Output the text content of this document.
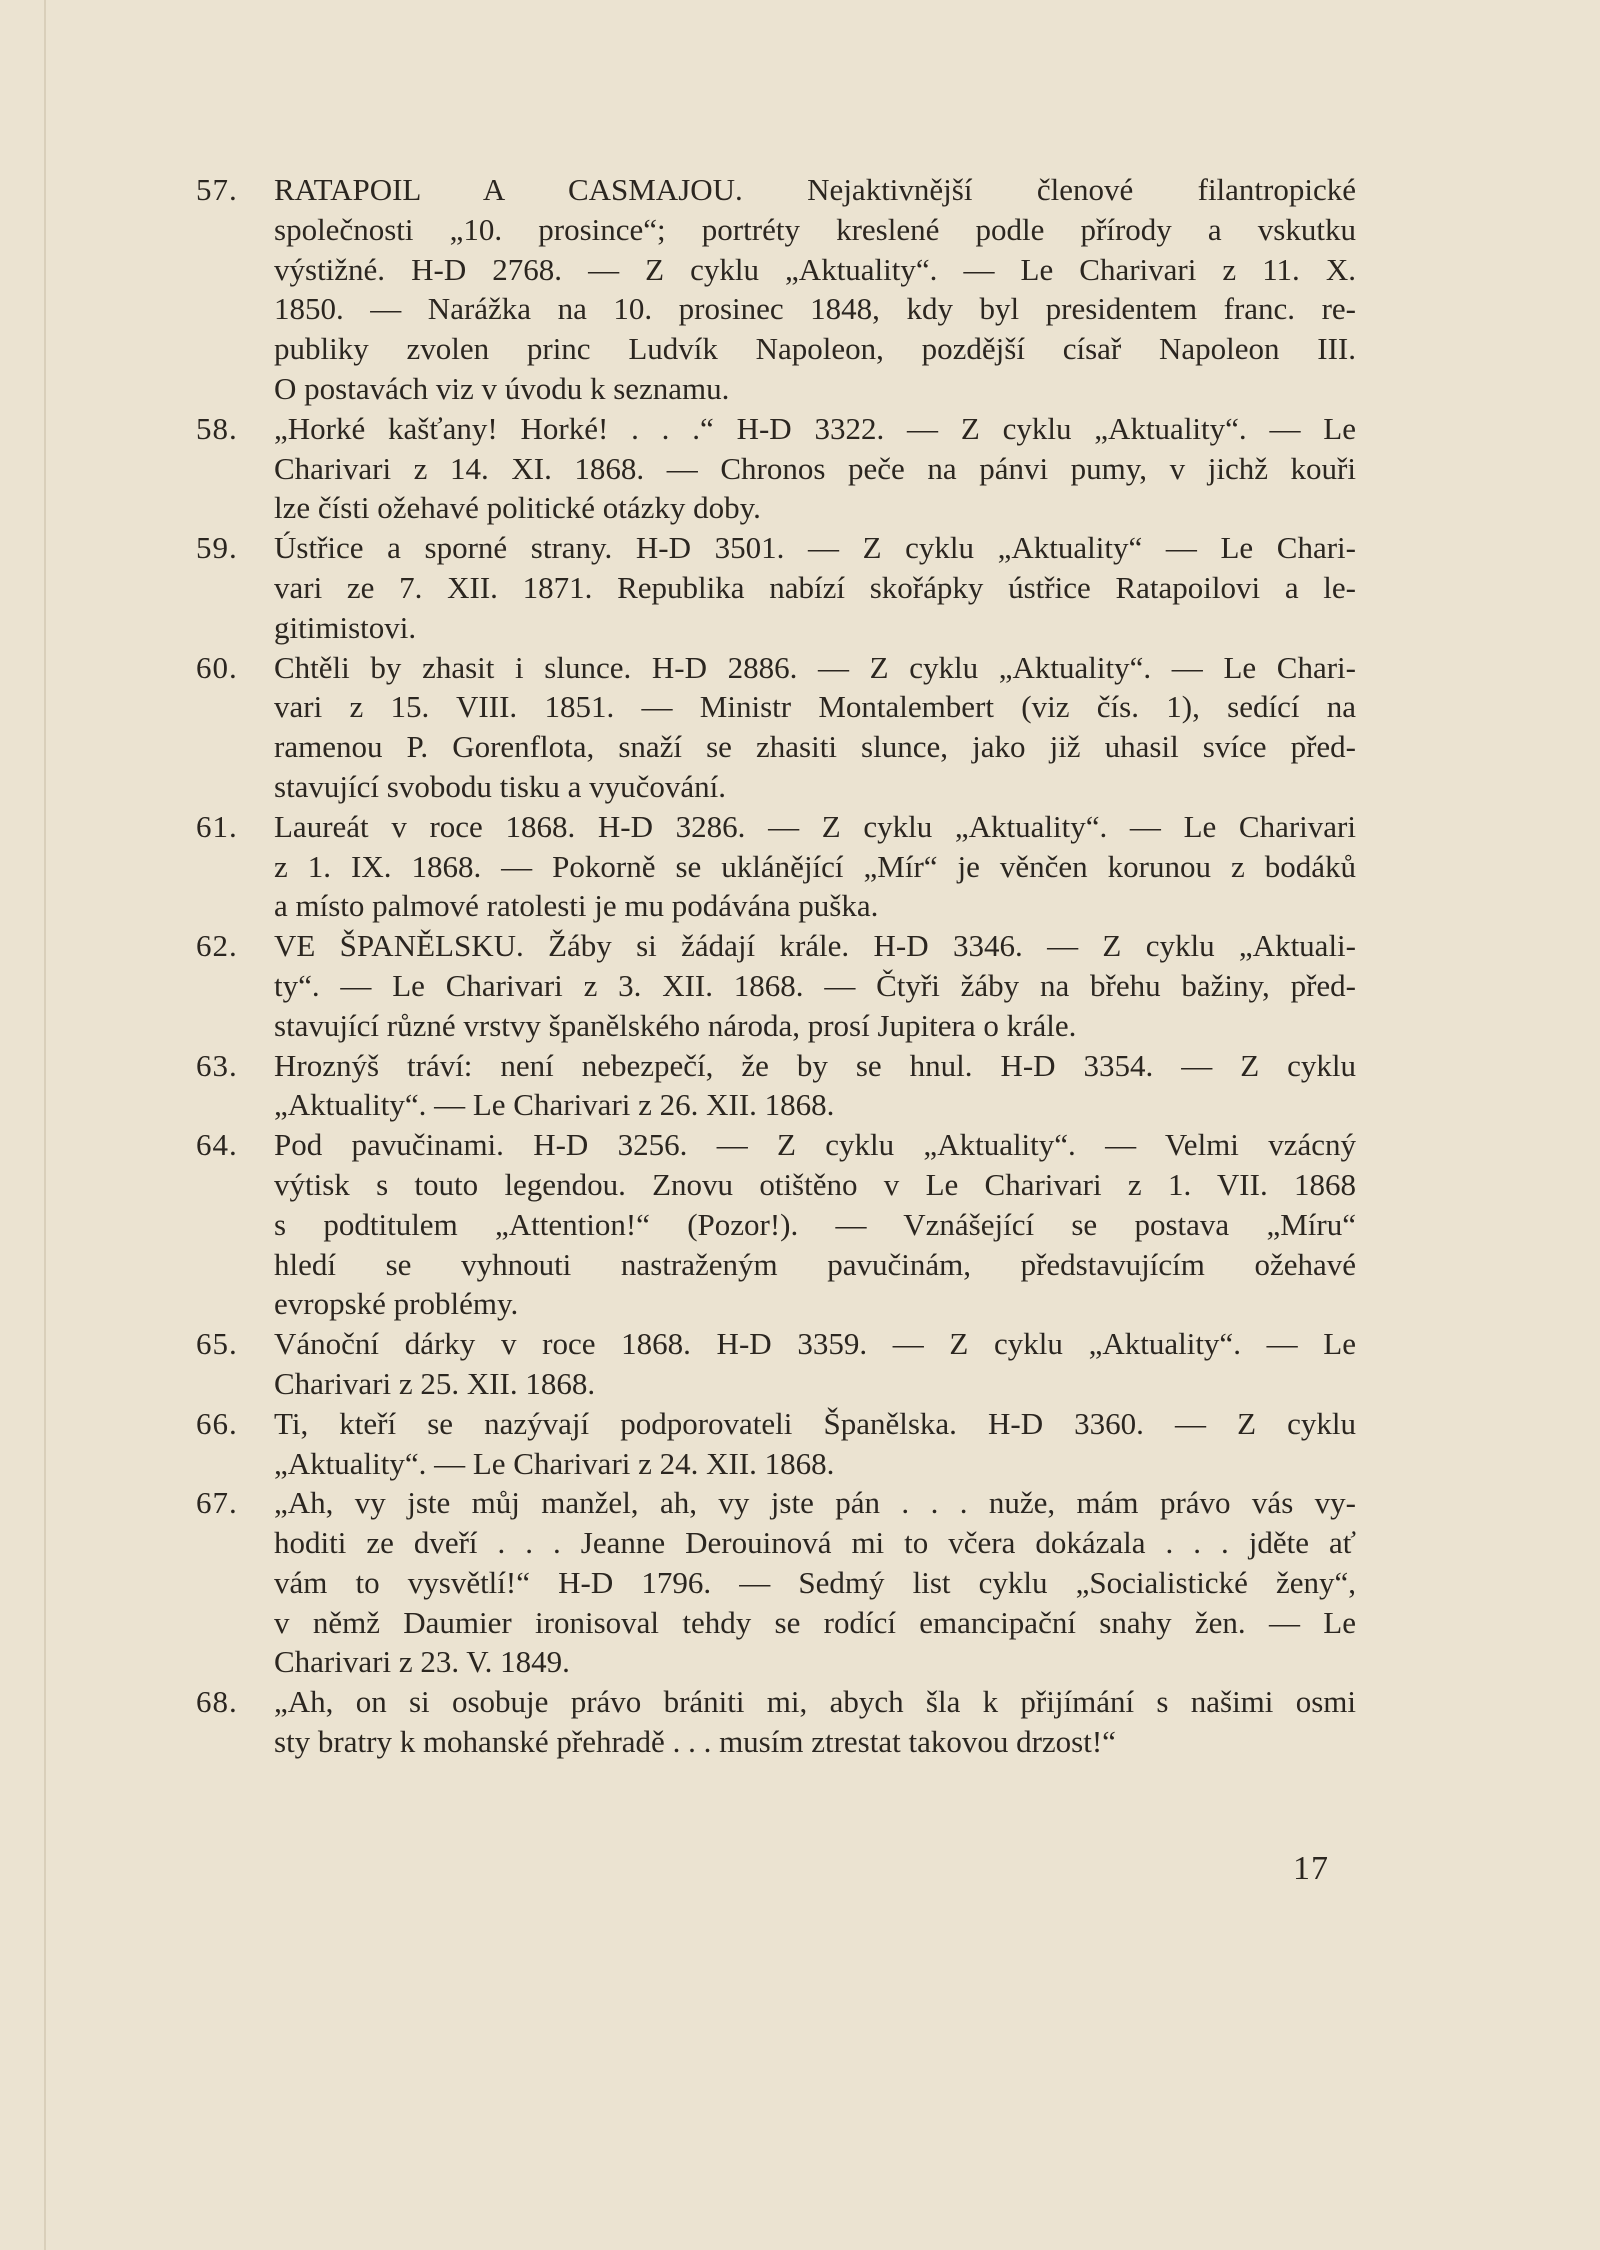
57. RATAPOIL A CASMAJOU. Nejaktivnější členové filantropické
společnosti „10. prosince“; portréty kreslené podle přírody a vskutku
výstižné. H-D 2768. — Z cyklu „Aktuality“. — Le Charivari z 11. X.
1850. — Narážka na 10. prosinec 1848, kdy byl presidentem franc. re-
publiky zvolen princ Ludvík Napoleon, pozdější císař Napoleon III.
O postavách viz v úvodu k seznamu.
58. „Horké kašťany! Horké! . . .“ H-D 3322. — Z cyklu „Aktuality“. — Le
Charivari z 14. XI. 1868. — Chronos peče na pánvi pumy, v jichž kouři
lze čísti ožehavé politické otázky doby.
59. Ústřice a sporné strany. H-D 3501. — Z cyklu „Aktuality“ — Le Chari-
vari ze 7. XII. 1871. Republika nabízí skořápky ústřice Ratapoilovi a le-
gitimistovi.
60. Chtěli by zhasit i slunce. H-D 2886. — Z cyklu „Aktuality“. — Le Chari-
vari z 15. VIII. 1851. — Ministr Montalembert (viz čís. 1), sedící na
ramenou P. Gorenflota, snaží se zhasiti slunce, jako již uhasil svíce před-
stavující svobodu tisku a vyučování.
61. Laureát v roce 1868. H-D 3286. — Z cyklu „Aktuality“. — Le Charivari
z 1. IX. 1868. — Pokorně se uklánějící „Mír“ je věnčen korunou z bodáků
a místo palmové ratolesti je mu podávána puška.
62. VE ŠPANĚLSKU. Žáby si žádají krále. H-D 3346. — Z cyklu „Aktuali-
ty“. — Le Charivari z 3. XII. 1868. — Čtyři žáby na břehu bažiny, před-
stavující různé vrstvy španělského národa, prosí Jupitera o krále.
63. Hroznýš tráví: není nebezpečí, že by se hnul. H-D 3354. — Z cyklu
„Aktuality“. — Le Charivari z 26. XII. 1868.
64. Pod pavučinami. H-D 3256. — Z cyklu „Aktuality“. — Velmi vzácný
výtisk s touto legendou. Znovu otištěno v Le Charivari z 1. VII. 1868
s podtitulem „Attention!“ (Pozor!). — Vznášející se postava „Míru“
hledí se vyhnouti nastraženým pavučinám, představujícím ožehavé
evropské problémy.
65. Vánoční dárky v roce 1868. H-D 3359. — Z cyklu „Aktuality“. — Le
Charivari z 25. XII. 1868.
66. Ti, kteří se nazývají podporovateli Španělska. H-D 3360. — Z cyklu
„Aktuality“. — Le Charivari z 24. XII. 1868.
67. „Ah, vy jste můj manžel, ah, vy jste pán . . . nuže, mám právo vás vy-
hoditi ze dveří . . . Jeanne Derouinová mi to včera dokázala . . . jděte ať
vám to vysvětlí!“ H-D 1796. — Sedmý list cyklu „Socialistické ženy“,
v němž Daumier ironisoval tehdy se rodící emancipační snahy žen. — Le
Charivari z 23. V. 1849.
68. „Ah, on si osobuje právo brániti mi, abych šla k přijímání s našimi osmi
sty bratry k mohanské přehradě . . . musím ztrestat takovou drzost!“
17
